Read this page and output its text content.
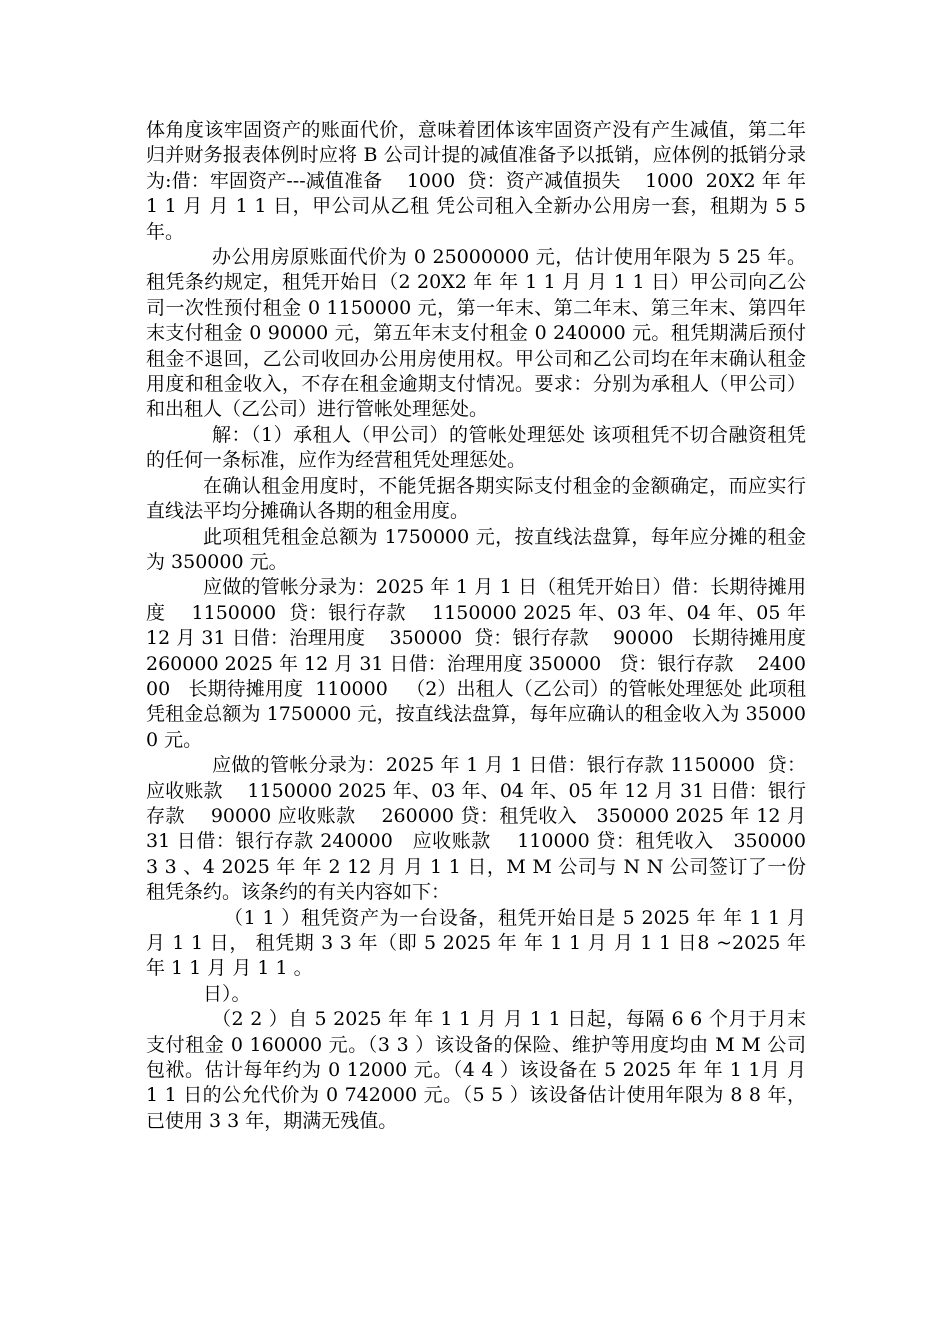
体角度该牢固资产的账面代价，意味着团体该牢固资产没有产生减值，第二年归并财务报表体例时应将 B 公司计提的减值准备予以抵销，应体例的抵销分录为:借：牢固资产---减值准备    1000  贷：资产减值损失    1000  20X2 年 年 1 1 月 月 1 1 日，甲公司从乙租 凭公司租入全新办公用房一套，租期为 5 5 年。

办公用房原账面代价为 0 25000000 元，估计使用年限为 5 25 年。租凭条约规定，租凭开始日（2 20X2 年 年 1 1 月 月 1 1 日）甲公司向乙公司一次性预付租金 0 1150000 元，第一年末、第二年末、第三年末、第四年末支付租金 0 90000 元，第五年末支付租金 0 240000 元。租凭期满后预付租金不退回，乙公司收回办公用房使用权。甲公司和乙公司均在年末确认租金用度和租金收入，不存在租金逾期支付情况。要求：分别为承租人（甲公司）和出租人（乙公司）进行管帐处理惩处。

解：（1）承租人（甲公司）的管帐处理惩处 该项租凭不切合融资租凭的任何一条标准，应作为经营租凭处理惩处。

在确认租金用度时，不能凭据各期实际支付租金的金额确定，而应实行直线法平均分摊确认各期的租金用度。

此项租凭租金总额为 1750000 元，按直线法盘算，每年应分摊的租金为 350000 元。

应做的管帐分录为：2025 年 1 月 1 日（租凭开始日）借：长期待摊用度    1150000  贷：银行存款    1150000 2025 年、03 年、04 年、05 年 12 月 31 日借：治理用度    350000  贷：银行存款    90000   长期待摊用度    260000 2025 年 12 月 31 日借：治理用度 350000   贷：银行存款    240000   长期待摊用度  110000   （2）出租人（乙公司）的管帐处理惩处 此项租凭租金总额为 1750000 元，按直线法盘算，每年应确认的租金收入为 350000 元。

应做的管帐分录为：2025 年 1 月 1 日借：银行存款 1150000  贷：应收账款    1150000 2025 年、03 年、04 年、05 年 12 月 31 日借：银行存款    90000 应收账款    260000 贷：租凭收入   350000 2025 年 12 月 31 日借：银行存款 240000   应收账款    110000 贷：租凭收入   350000 3 3 、4 2025 年 年 2 12 月 月 1 1 日，M M 公司与 N N 公司签订了一份租凭条约。该条约的有关内容如下：

（1 1 ）租凭资产为一台设备，租凭开始日是 5 2025 年 年 1 1 月 月 1 1 日， 租凭期 3 3 年（即 5 2025 年 年 1 1 月 月 1 1 日8 ~2025 年 年 1 1 月 月 1 1 。

日）。

（2 2 ）自 5 2025 年 年 1 1 月 月 1 1 日起，每隔 6 6 个月于月末支付租金 0 160000 元。（3 3 ）该设备的保险、维护等用度均由 M M 公司包袱。估计每年约为 0 12000 元。（4 4 ）该设备在 5 2025 年 年 1 1月 月 1 1 日的公允代价为 0 742000 元。（5 5 ）该设备估计使用年限为 8 8 年，已使用 3 3 年，期满无残值。
